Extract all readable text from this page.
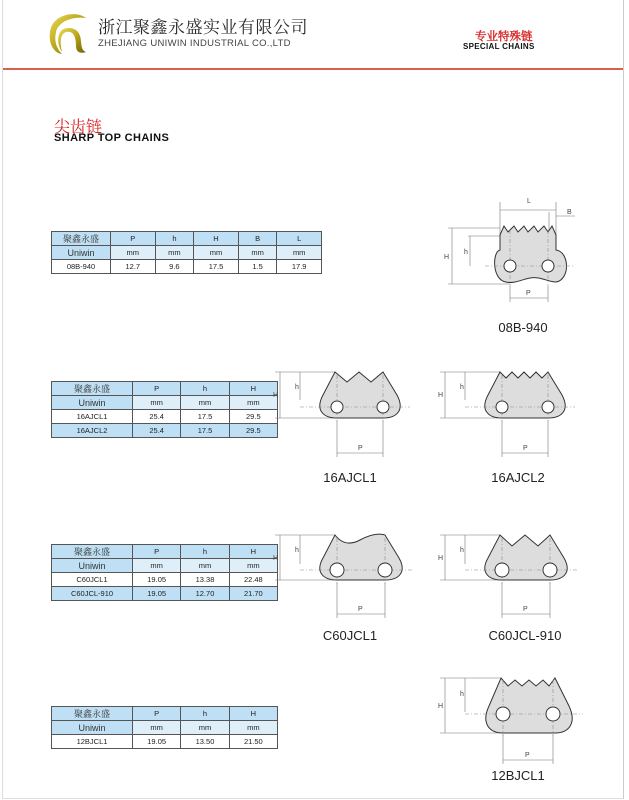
浙江聚鑫永盛实业有限公司
ZHEJIANG UNIWIN INDUSTRIAL CO.,LTD
专业特殊链
SPECIAL CHAINS
尖齿链
SHARP TOP CHAINS
聚鑫永盛	P	h	H	B	L
Uniwin	mm	mm	mm	mm	mm
08B-940	12.7	9.6	17.5	1.5	17.9
聚鑫永盛	P	h	H
Uniwin	mm	mm	mm
16AJCL1	25.4	17.5	29.5
16AJCL2	25.4	17.5	29.5
聚鑫永盛	P	h	H
Uniwin	mm	mm	mm
C60JCL1	19.05	13.38	22.48
C60JCL-910	19.05	12.70	21.70
聚鑫永盛	P	h	H
Uniwin	mm	mm	mm
12BJCL1	19.05	13.50	21.50
L
B
H
h
P
08B-940
H
h
P
16AJCL1
H
h
P
16AJCL2
H
h
P
C60JCL1
H
h
P
C60JCL-910
H
h
P
12BJCL1
